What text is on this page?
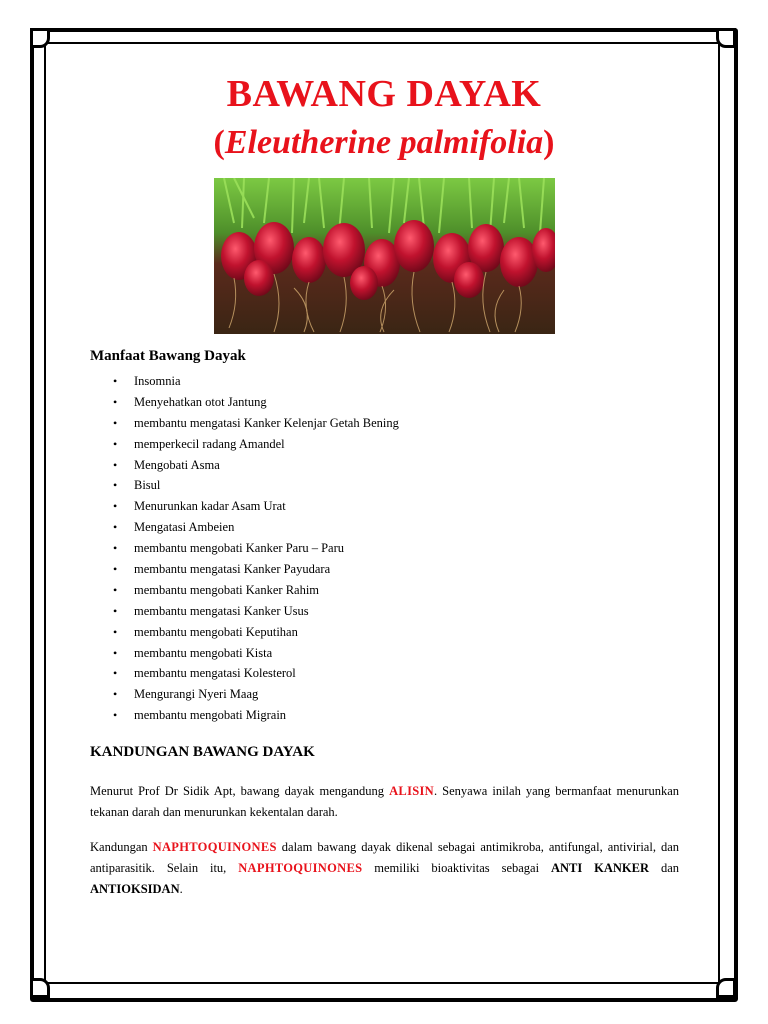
BAWANG DAYAK
(Eleutherine palmifolia)
Manfaat Bawang Dayak
• Insomnia
• Menyehatkan otot Jantung
• membantu mengatasi Kanker Kelenjar Getah Bening
• memperkecil radang Amandel
• Mengobati Asma
• Bisul
• Menurunkan kadar Asam Urat
• Mengatasi Ambeien
• membantu mengobati Kanker Paru – Paru
• membantu mengatasi Kanker Payudara
• membantu mengobati Kanker Rahim
• membantu mengatasi Kanker Usus
• membantu mengobati Keputihan
• membantu mengobati Kista
• membantu mengatasi Kolesterol
• Mengurangi Nyeri Maag
• membantu mengobati Migrain
KANDUNGAN BAWANG DAYAK
Menurut Prof Dr Sidik Apt, bawang dayak mengandung ALISIN. Senyawa inilah yang bermanfaat menurunkan tekanan darah dan menurunkan kekentalan darah.
Kandungan NAPHTOQUINONES dalam bawang dayak dikenal sebagai antimikroba, antifungal, antivirial, dan antiparasitik. Selain itu, NAPHTOQUINONES memiliki bioaktivitas sebagai ANTI KANKER dan ANTIOKSIDAN.
